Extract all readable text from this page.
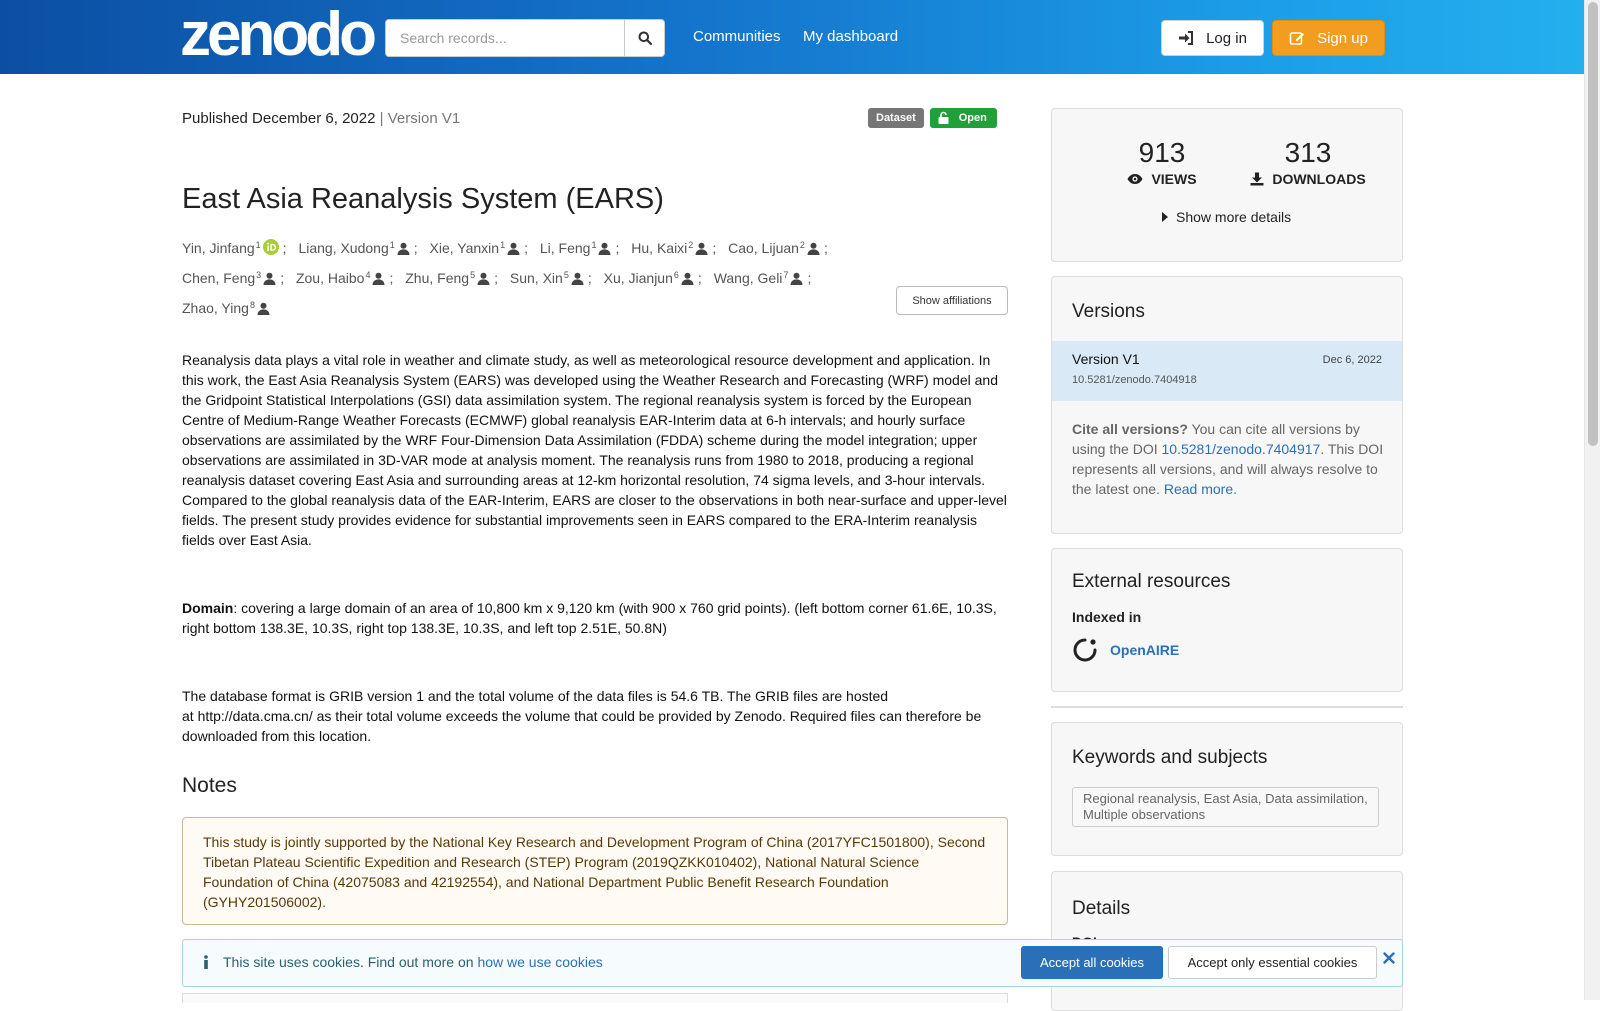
zenodo
Search records...	Communities My dashboard	Log in	Sign up
Published December 6, 2022 | Version V1	Dataset	Open
East Asia Reanalysis System (EARS)
Yin, Jinfang$^1$ ; Liang, Xudong$^1$ ; Xie, Yanxin$^1$ ; Li, Feng$^1$ ; Hu, Kaixi$^2$ ; Cao, Lijuan$^2$ ;
Chen, Feng$^3$ ; Zou, Haibo$^4$ ; Zhu, Feng$^5$ ; Sun, Xin$^5$ ; Xu, Jianjun$^6$ ; Wang, Geli$^7$ ;
Zhao, Ying$^8$	Show affiliations

Reanalysis data plays a vital role in weather and climate study, as well as meteorological resource development and application. In this work, the East Asia Reanalysis System (EARS) was developed using the Weather Research and Forecasting (WRF) model and the Gridpoint Statistical Interpolations (GSI) data assimilation system. The regional reanalysis system is forced by the European Centre of Medium-Range Weather Forecasts (ECMWF) global reanalysis EAR-Interim data at 6-h intervals; and hourly surface observations are assimilated by the WRF Four-Dimension Data Assimilation (FDDA) scheme during the model integration; upper observations are assimilated in 3D-VAR mode at analysis moment. The reanalysis runs from 1980 to 2018, producing a regional reanalysis dataset covering East Asia and surrounding areas at 12-km horizontal resolution, 74 sigma levels, and 3-hour intervals. Compared to the global reanalysis data of the EAR-Interim, EARS are closer to the observations in both near-surface and upper-level fields. The present study provides evidence for substantial improvements seen in EARS compared to the ERA-Interim reanalysis fields over East Asia.

Domain: covering a large domain of an area of 10,800 km x 9,120 km (with 900 x 760 grid points). (left bottom corner 61.6E, 10.3S, right bottom 138.3E, 10.3S, right top 138.3E, 10.3S, and left top 2.51E, 50.8N)

The database format is GRIB version 1 and the total volume of the data files is 54.6 TB. The GRIB files are hosted
at http://data.cma.cn/ as their total volume exceeds the volume that could be provided by Zenodo. Required files can therefore be downloaded from this location.

Notes
This study is jointly supported by the National Key Research and Development Program of China (2017YFC1501800), Second Tibetan Plateau Scientific Expedition and Research (STEP) Program (2019QZKK010402), National Natural Science Foundation of China (42075083 and 42192554), and National Department Public Benefit Research Foundation (GYHY201506002).
913
VIEWS
313
DOWNLOADS
Show more details
Versions
Version V1
10.5281/zenodo.7404918
Dec 6, 2022
Cite all versions? You can cite all versions by using the DOI 10.5281/zenodo.7404917. This DOI represents all versions, and will always resolve to the latest one. Read more.
External resources
Indexed in
OpenAIRE
Keywords and subjects
Regional reanalysis, East Asia, Data assimilation, Multiple observations
Details
This site uses cookies. Find out more on how we use cookies	Accept all cookies	Accept only essential cookies
